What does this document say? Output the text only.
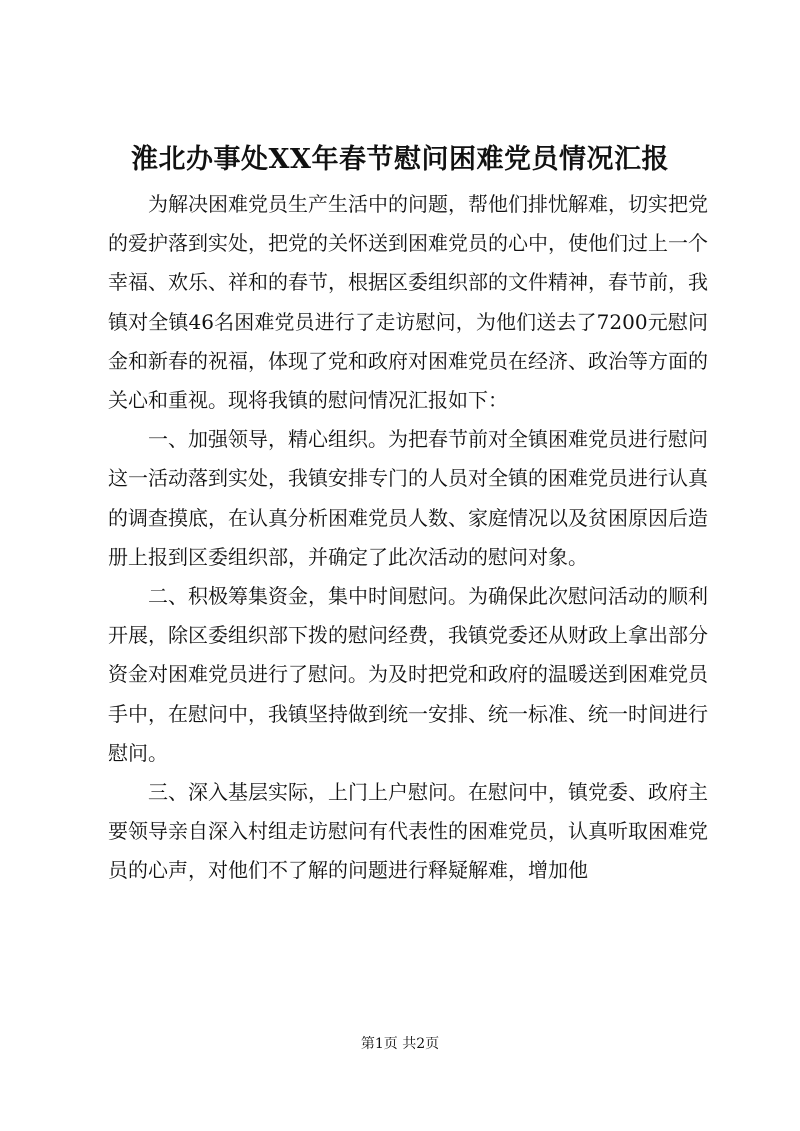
淮北办事处XX年春节慰问困难党员情况汇报

为解决困难党员生产生活中的问题，帮他们排忧解难，切实把党的爱护落到实处，把党的关怀送到困难党员的心中，使他们过上一个幸福、欢乐、祥和的春节，根据区委组织部的文件精神，春节前，我镇对全镇46名困难党员进行了走访慰问，为他们送去了7200元慰问金和新春的祝福，体现了党和政府对困难党员在经济、政治等方面的关心和重视。现将我镇的慰问情况汇报如下：

一、加强领导，精心组织。为把春节前对全镇困难党员进行慰问这一活动落到实处，我镇安排专门的人员对全镇的困难党员进行认真的调查摸底，在认真分析困难党员人数、家庭情况以及贫困原因后造册上报到区委组织部，并确定了此次活动的慰问对象。

二、积极筹集资金，集中时间慰问。为确保此次慰问活动的顺利开展，除区委组织部下拨的慰问经费，我镇党委还从财政上拿出部分资金对困难党员进行了慰问。为及时把党和政府的温暖送到困难党员手中，在慰问中，我镇坚持做到统一安排、统一标准、统一时间进行慰问。

三、深入基层实际，上门上户慰问。在慰问中，镇党委、政府主要领导亲自深入村组走访慰问有代表性的困难党员，认真听取困难党员的心声，对他们不了解的问题进行释疑解难，增加他

第1页 共2页
